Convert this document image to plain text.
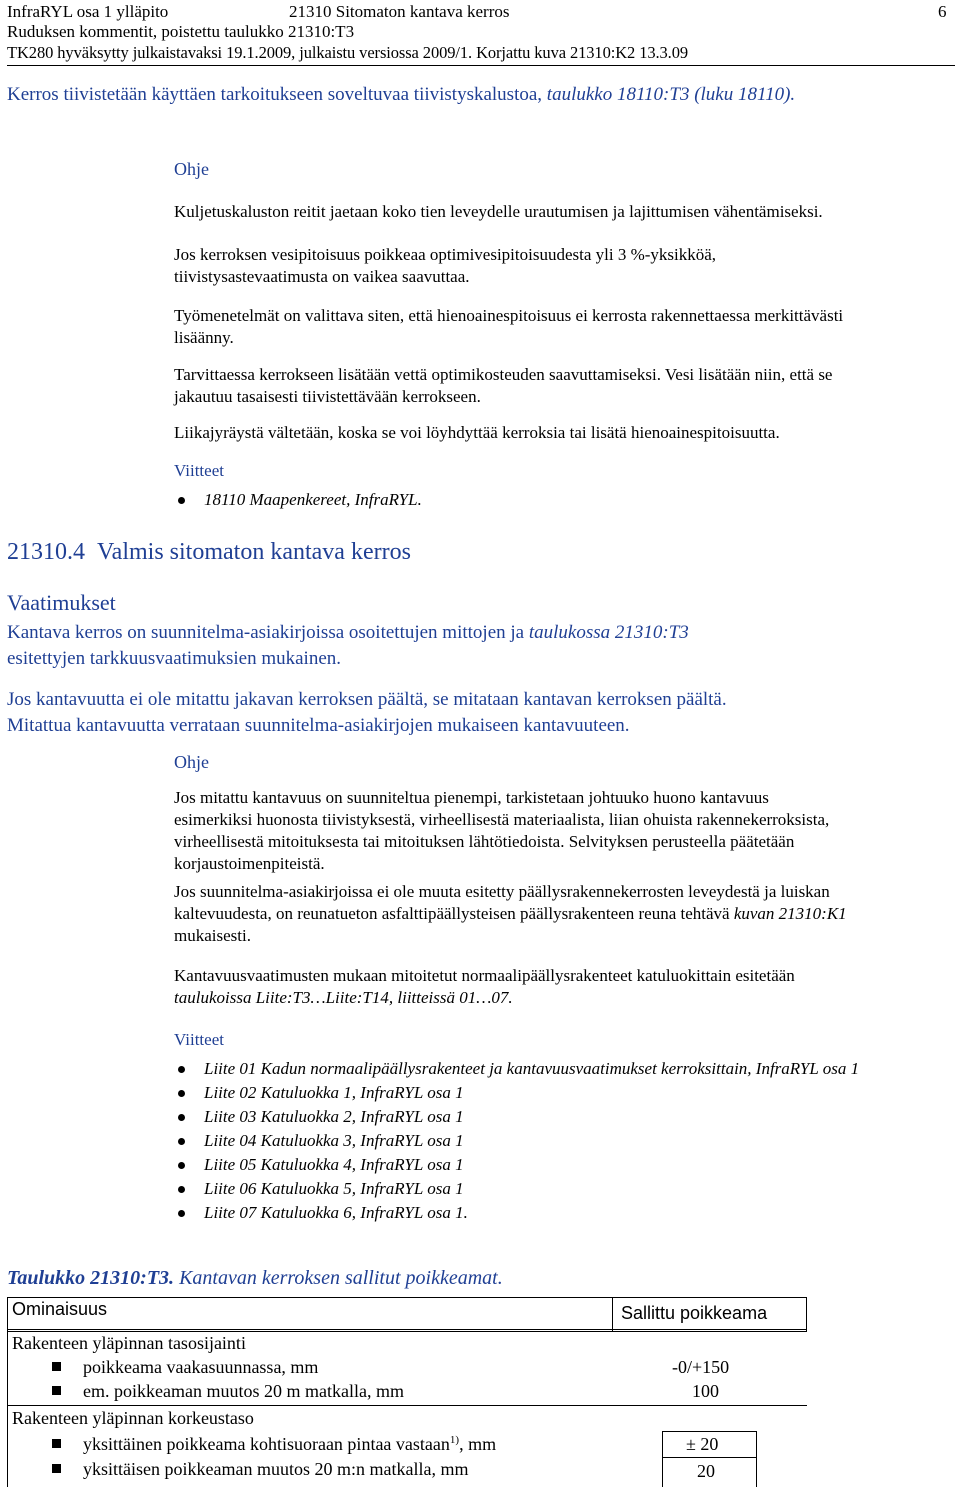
InfraRYL osa 1 ylläpito	21310 Sitomaton kantava kerros	6
Ruduksen kommentit, poistettu taulukko 21310:T3
TK280 hyväksytty julkaistavaksi 19.1.2009, julkaistu versiossa 2009/1. Korjattu kuva 21310:K2 13.3.09
Kerros tiivistetään käyttäen tarkoitukseen soveltuvaa tiivistyskalustoa, taulukko 18110:T3 (luku 18110).
Ohje
Kuljetuskaluston reitit jaetaan koko tien leveydelle urautumisen ja lajittumisen vähentämiseksi.
Jos kerroksen vesipitoisuus poikkeaa optimivesipitoisuudesta yli 3 %-yksikköä,
tiivistysastevaatimusta on vaikea saavuttaa.
Työmenetelmät on valittava siten, että hienoainespitoisuus ei kerrosta rakennettaessa merkittävästi
lisäänny.
Tarvittaessa kerrokseen lisätään vettä optimikosteuden saavuttamiseksi. Vesi lisätään niin, että se
jakautuu tasaisesti tiivistettävään kerrokseen.
Liikajyräystä vältetään, koska se voi löyhdyttää kerroksia tai lisätä hienoainespitoisuutta.
Viitteet
18110 Maapenkereet, InfraRYL.
21310.4 Valmis sitomaton kantava kerros
Vaatimukset
Kantava kerros on suunnitelma-asiakirjoissa osoitettujen mittojen ja taulukossa 21310:T3
esitettyjen tarkkuusvaatimuksien mukainen.
Jos kantavuutta ei ole mitattu jakavan kerroksen päältä, se mitataan kantavan kerroksen päältä.
Mitattua kantavuutta verrataan suunnitelma-asiakirjojen mukaiseen kantavuuteen.
Ohje
Jos mitattu kantavuus on suunniteltua pienempi, tarkistetaan johtuuko huono kantavuus
esimerkiksi huonosta tiivistyksestä, virheellisestä materiaalista, liian ohuista rakennekerroksista,
virheellisestä mitoituksesta tai mitoituksen lähtötiedoista. Selvityksen perusteella päätetään
korjaustoimenpiteistä.
Jos suunnitelma-asiakirjoissa ei ole muuta esitetty päällysrakennekerrosten leveydestä ja luiskan
kaltevuudesta, on reunatueton asfalttipäällysteisen päällysrakenteen reuna tehtävä kuvan 21310:K1
mukaisesti.
Kantavuusvaatimusten mukaan mitoitetut normaalipäällysrakenteet katuluokittain esitetään
taulukoissa Liite:T3…Liite:T14, liitteissä 01…07.
Viitteet
Liite 01 Kadun normaalipäällysrakenteet ja kantavuusvaatimukset kerroksittain, InfraRYL osa 1
Liite 02 Katuluokka 1, InfraRYL osa 1
Liite 03 Katuluokka 2, InfraRYL osa 1
Liite 04 Katuluokka 3, InfraRYL osa 1
Liite 05 Katuluokka 4, InfraRYL osa 1
Liite 06 Katuluokka 5, InfraRYL osa 1
Liite 07 Katuluokka 6, InfraRYL osa 1.
Taulukko 21310:T3. Kantavan kerroksen sallitut poikkeamat.
Ominaisuus	Sallittu poikkeama
Rakenteen yläpinnan tasosijainti
poikkeama vaakasuunnassa, mm	-0/+150
em. poikkeaman muutos 20 m matkalla, mm	100
Rakenteen yläpinnan korkeustaso
yksittäinen poikkeama kohtisuoraan pintaa vastaan$^{1)}$, mm	± 20
yksittäisen poikkeaman muutos 20 m:n matkalla, mm	20
